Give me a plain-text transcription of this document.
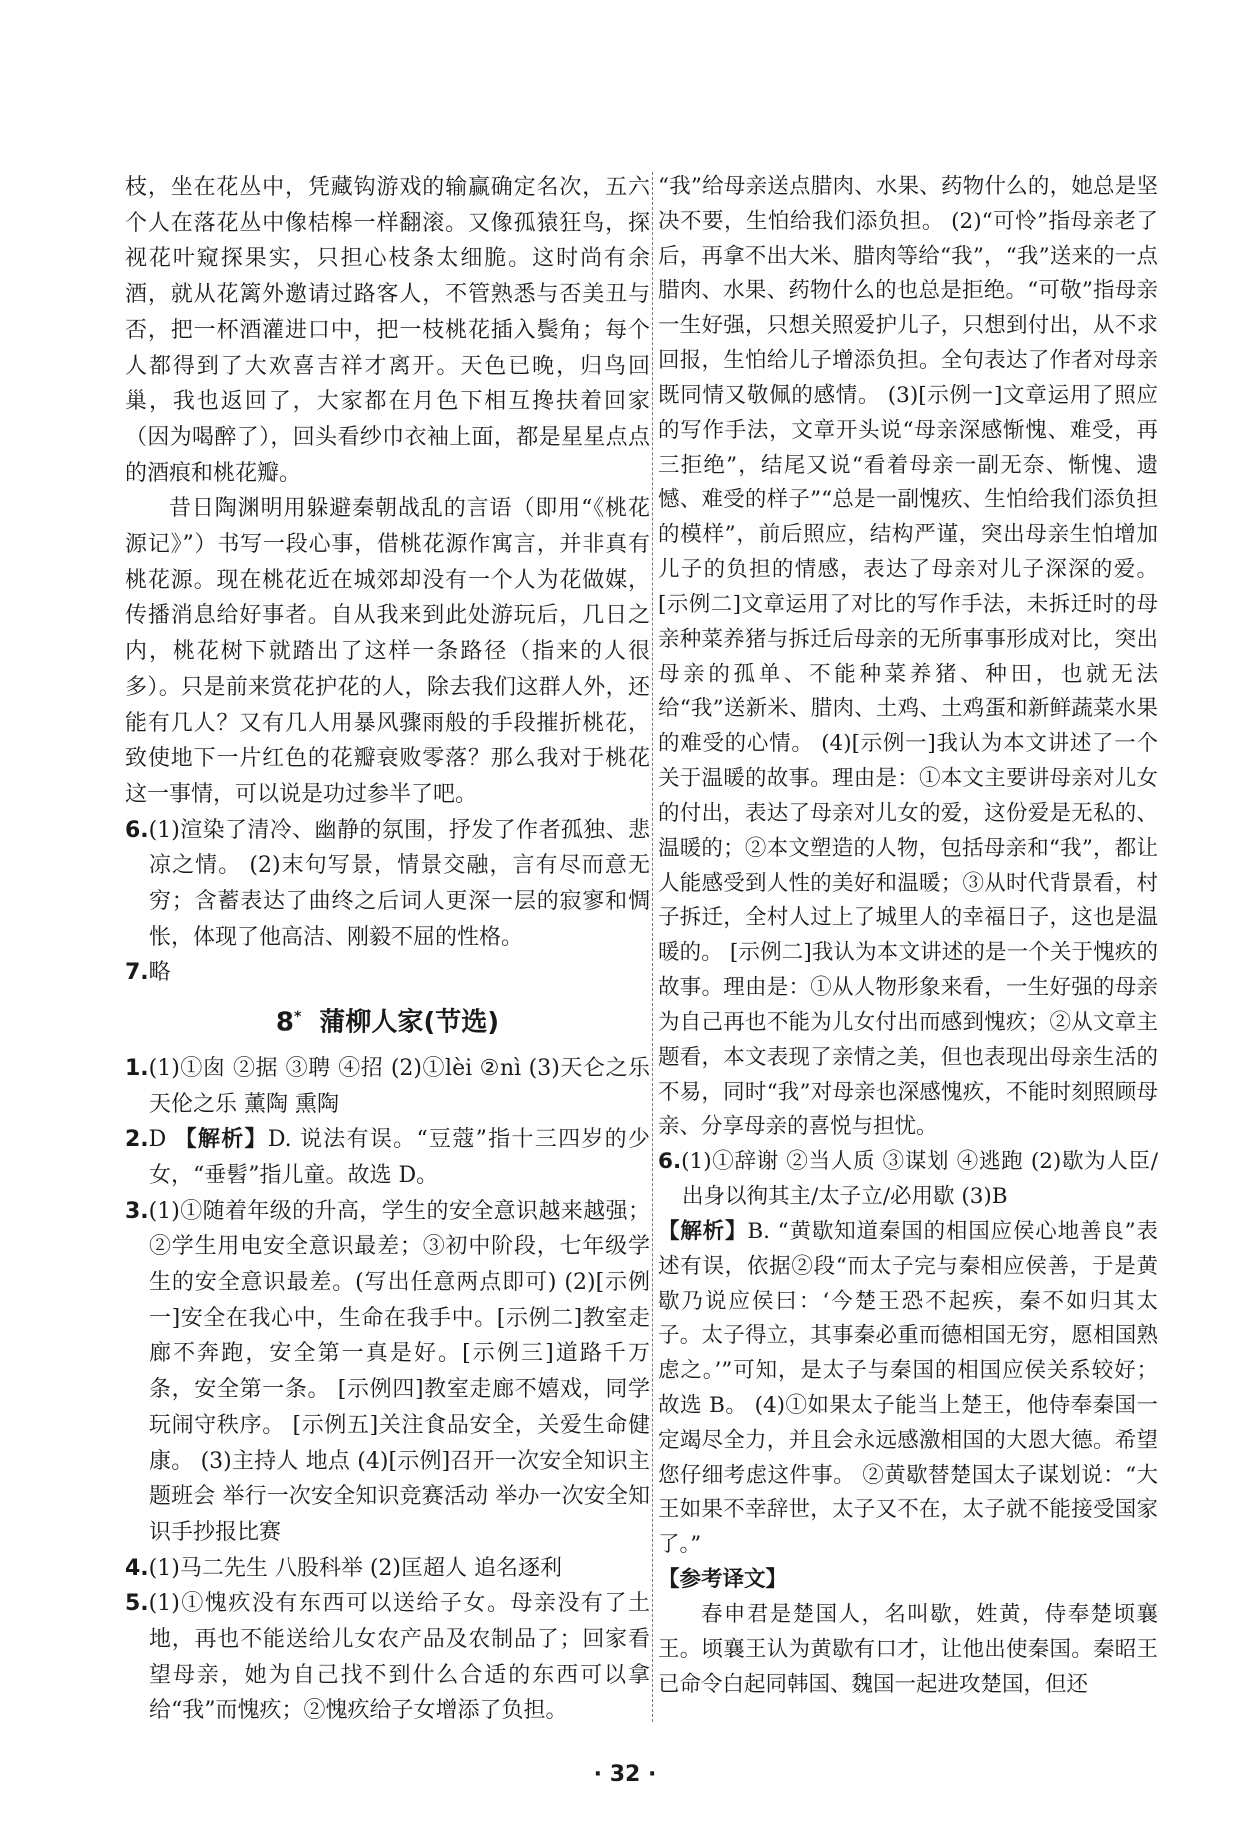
枝，坐在花丛中，凭藏钩游戏的输赢确定名次，五六个人在落花丛中像桔槔一样翻滚。又像孤猿狂鸟，探视花叶窥探果实，只担心枝条太细脆。这时尚有余酒，就从花篱外邀请过路客人，不管熟悉与否美丑与否，把一杯酒灌进口中，把一枝桃花插入鬓角；每个人都得到了大欢喜吉祥才离开。天色已晚，归鸟回巢，我也返回了，大家都在月色下相互搀扶着回家（因为喝醉了），回头看纱巾衣袖上面，都是星星点点的酒痕和桃花瓣。

昔日陶渊明用躲避秦朝战乱的言语（即用“《桃花源记》”）书写一段心事，借桃花源作寓言，并非真有桃花源。现在桃花近在城郊却没有一个人为花做媒，传播消息给好事者。自从我来到此处游玩后，几日之内，桃花树下就踏出了这样一条路径（指来的人很多）。只是前来赏花护花的人，除去我们这群人外，还能有几人？又有几人用暴风骤雨般的手段摧折桃花，致使地下一片红色的花瓣衰败零落？那么我对于桃花这一事情，可以说是功过参半了吧。

6.(1)渲染了清冷、幽静的氛围，抒发了作者孤独、悲凉之情。 (2)末句写景，情景交融，言有尽而意无穷；含蓄表达了曲终之后词人更深一层的寂寥和惆怅，体现了他高洁、刚毅不屈的性格。

7.略

8* 蒲柳人家(节选)

1.(1)①囱 ②据 ③聘 ④招 (2)①lèi ②nì (3)天仑之乐 天伦之乐 薰陶 熏陶

2.D 【解析】D. 说法有误。“豆蔻”指十三四岁的少女，“垂髫”指儿童。故选 D。

3.(1)①随着年级的升高，学生的安全意识越来越强；②学生用电安全意识最差；③初中阶段，七年级学生的安全意识最差。(写出任意两点即可) (2)[示例一]安全在我心中，生命在我手中。[示例二]教室走廊不奔跑，安全第一真是好。[示例三]道路千万条，安全第一条。 [示例四]教室走廊不嬉戏，同学玩闹守秩序。 [示例五]关注食品安全，关爱生命健康。 (3)主持人 地点 (4)[示例]召开一次安全知识主题班会 举行一次安全知识竞赛活动 举办一次安全知识手抄报比赛

4.(1)马二先生 八股科举 (2)匡超人 追名逐利

5.(1)①愧疚没有东西可以送给子女。母亲没有了土地，再也不能送给儿女农产品及农制品了；回家看望母亲，她为自己找不到什么合适的东西可以拿给“我”而愧疚；②愧疚给子女增添了负担。

“我”给母亲送点腊肉、水果、药物什么的，她总是坚决不要，生怕给我们添负担。 (2)“可怜”指母亲老了后，再拿不出大米、腊肉等给“我”，“我”送来的一点腊肉、水果、药物什么的也总是拒绝。“可敬”指母亲一生好强，只想关照爱护儿子，只想到付出，从不求回报，生怕给儿子增添负担。全句表达了作者对母亲既同情又敬佩的感情。 (3)[示例一]文章运用了照应的写作手法，文章开头说“母亲深感惭愧、难受，再三拒绝”，结尾又说“看着母亲一副无奈、惭愧、遗憾、难受的样子”“总是一副愧疚、生怕给我们添负担的模样”，前后照应，结构严谨，突出母亲生怕增加儿子的负担的情感，表达了母亲对儿子深深的爱。 [示例二]文章运用了对比的写作手法，未拆迁时的母亲种菜养猪与拆迁后母亲的无所事事形成对比，突出母亲的孤单、不能种菜养猪、种田，也就无法给“我”送新米、腊肉、土鸡、土鸡蛋和新鲜蔬菜水果的难受的心情。 (4)[示例一]我认为本文讲述了一个关于温暖的故事。理由是：①本文主要讲母亲对儿女的付出，表达了母亲对儿女的爱，这份爱是无私的、温暖的；②本文塑造的人物，包括母亲和“我”，都让人能感受到人性的美好和温暖；③从时代背景看，村子拆迁，全村人过上了城里人的幸福日子，这也是温暖的。 [示例二]我认为本文讲述的是一个关于愧疚的故事。理由是：①从人物形象来看，一生好强的母亲为自己再也不能为儿女付出而感到愧疚；②从文章主题看，本文表现了亲情之美，但也表现出母亲生活的不易，同时“我”对母亲也深感愧疚，不能时刻照顾母亲、分享母亲的喜悦与担忧。

6.(1)①辞谢 ②当人质 ③谋划 ④逃跑 (2)歇为人臣/出身以徇其主/太子立/必用歇 (3)B

【解析】B. “黄歇知道秦国的相国应侯心地善良”表述有误，依据②段“而太子完与秦相应侯善，于是黄歇乃说应侯曰：‘今楚王恐不起疾，秦不如归其太子。太子得立，其事秦必重而德相国无穷，愿相国熟虑之。’”可知，是太子与秦国的相国应侯关系较好；故选 B。 (4)①如果太子能当上楚王，他侍奉秦国一定竭尽全力，并且会永远感激相国的大恩大德。希望您仔细考虑这件事。 ②黄歇替楚国太子谋划说：“大王如果不幸辞世，太子又不在，太子就不能接受国家了。”

【参考译文】

春申君是楚国人，名叫歇，姓黄，侍奉楚顷襄王。顷襄王认为黄歇有口才，让他出使秦国。秦昭王已命令白起同韩国、魏国一起进攻楚国，但还

· 32 ·
